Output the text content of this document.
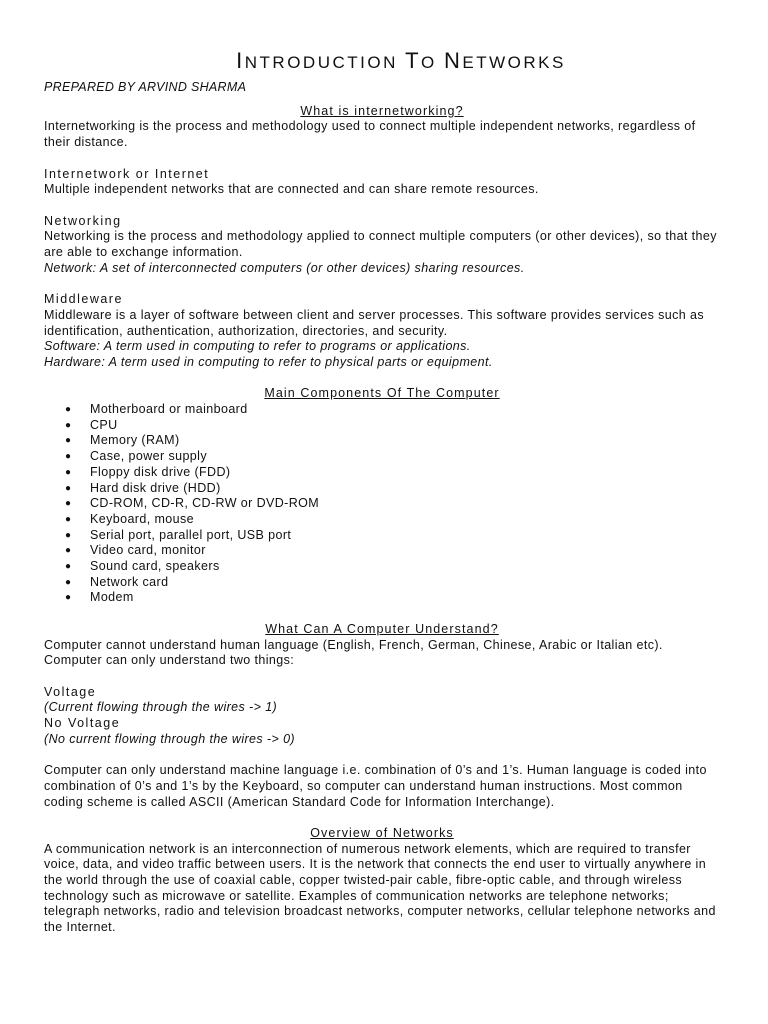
INTRODUCTION TO NETWORKS

PREPARED BY ARVIND SHARMA

What is internetworking?

Internetworking is the process and methodology used to connect multiple independent networks, regardless of their distance.

Internetwork or Internet

Multiple independent networks that are connected and can share remote resources.

Networking

Networking is the process and methodology applied to connect multiple computers (or other devices), so that they are able to exchange information.

Network: A set of interconnected computers (or other devices) sharing resources.

Middleware

Middleware is a layer of software between client and server processes. This software provides services such as identification, authentication, authorization, directories, and security.

Software: A term used in computing to refer to programs or applications.

Hardware: A term used in computing to refer to physical parts or equipment.

Main Components Of The Computer

● Motherboard or mainboard
● CPU
● Memory (RAM)
● Case, power supply
● Floppy disk drive (FDD)
● Hard disk drive (HDD)
● CD-ROM, CD-R, CD-RW or DVD-ROM
● Keyboard, mouse
● Serial port, parallel port, USB port
● Video card, monitor
● Sound card, speakers
● Network card
● Modem

What Can A Computer Understand?

Computer cannot understand human language (English, French, German, Chinese, Arabic or Italian etc).

Computer can only understand two things:

Voltage

(Current flowing through the wires -> 1)

No Voltage

(No current flowing through the wires -> 0)

Computer can only understand machine language i.e. combination of 0’s and 1’s. Human language is coded into combination of 0’s and 1’s by the Keyboard, so computer can understand human instructions. Most common coding scheme is called ASCII (American Standard Code for Information Interchange).

Overview of Networks

A communication network is an interconnection of numerous network elements, which are required to transfer voice, data, and video traffic between users. It is the network that connects the end user to virtually anywhere in the world through the use of coaxial cable, copper twisted-pair cable, fibre-optic cable, and through wireless technology such as microwave or satellite. Examples of communication networks are telephone networks; telegraph networks, radio and television broadcast networks, computer networks, cellular telephone networks and the Internet.
